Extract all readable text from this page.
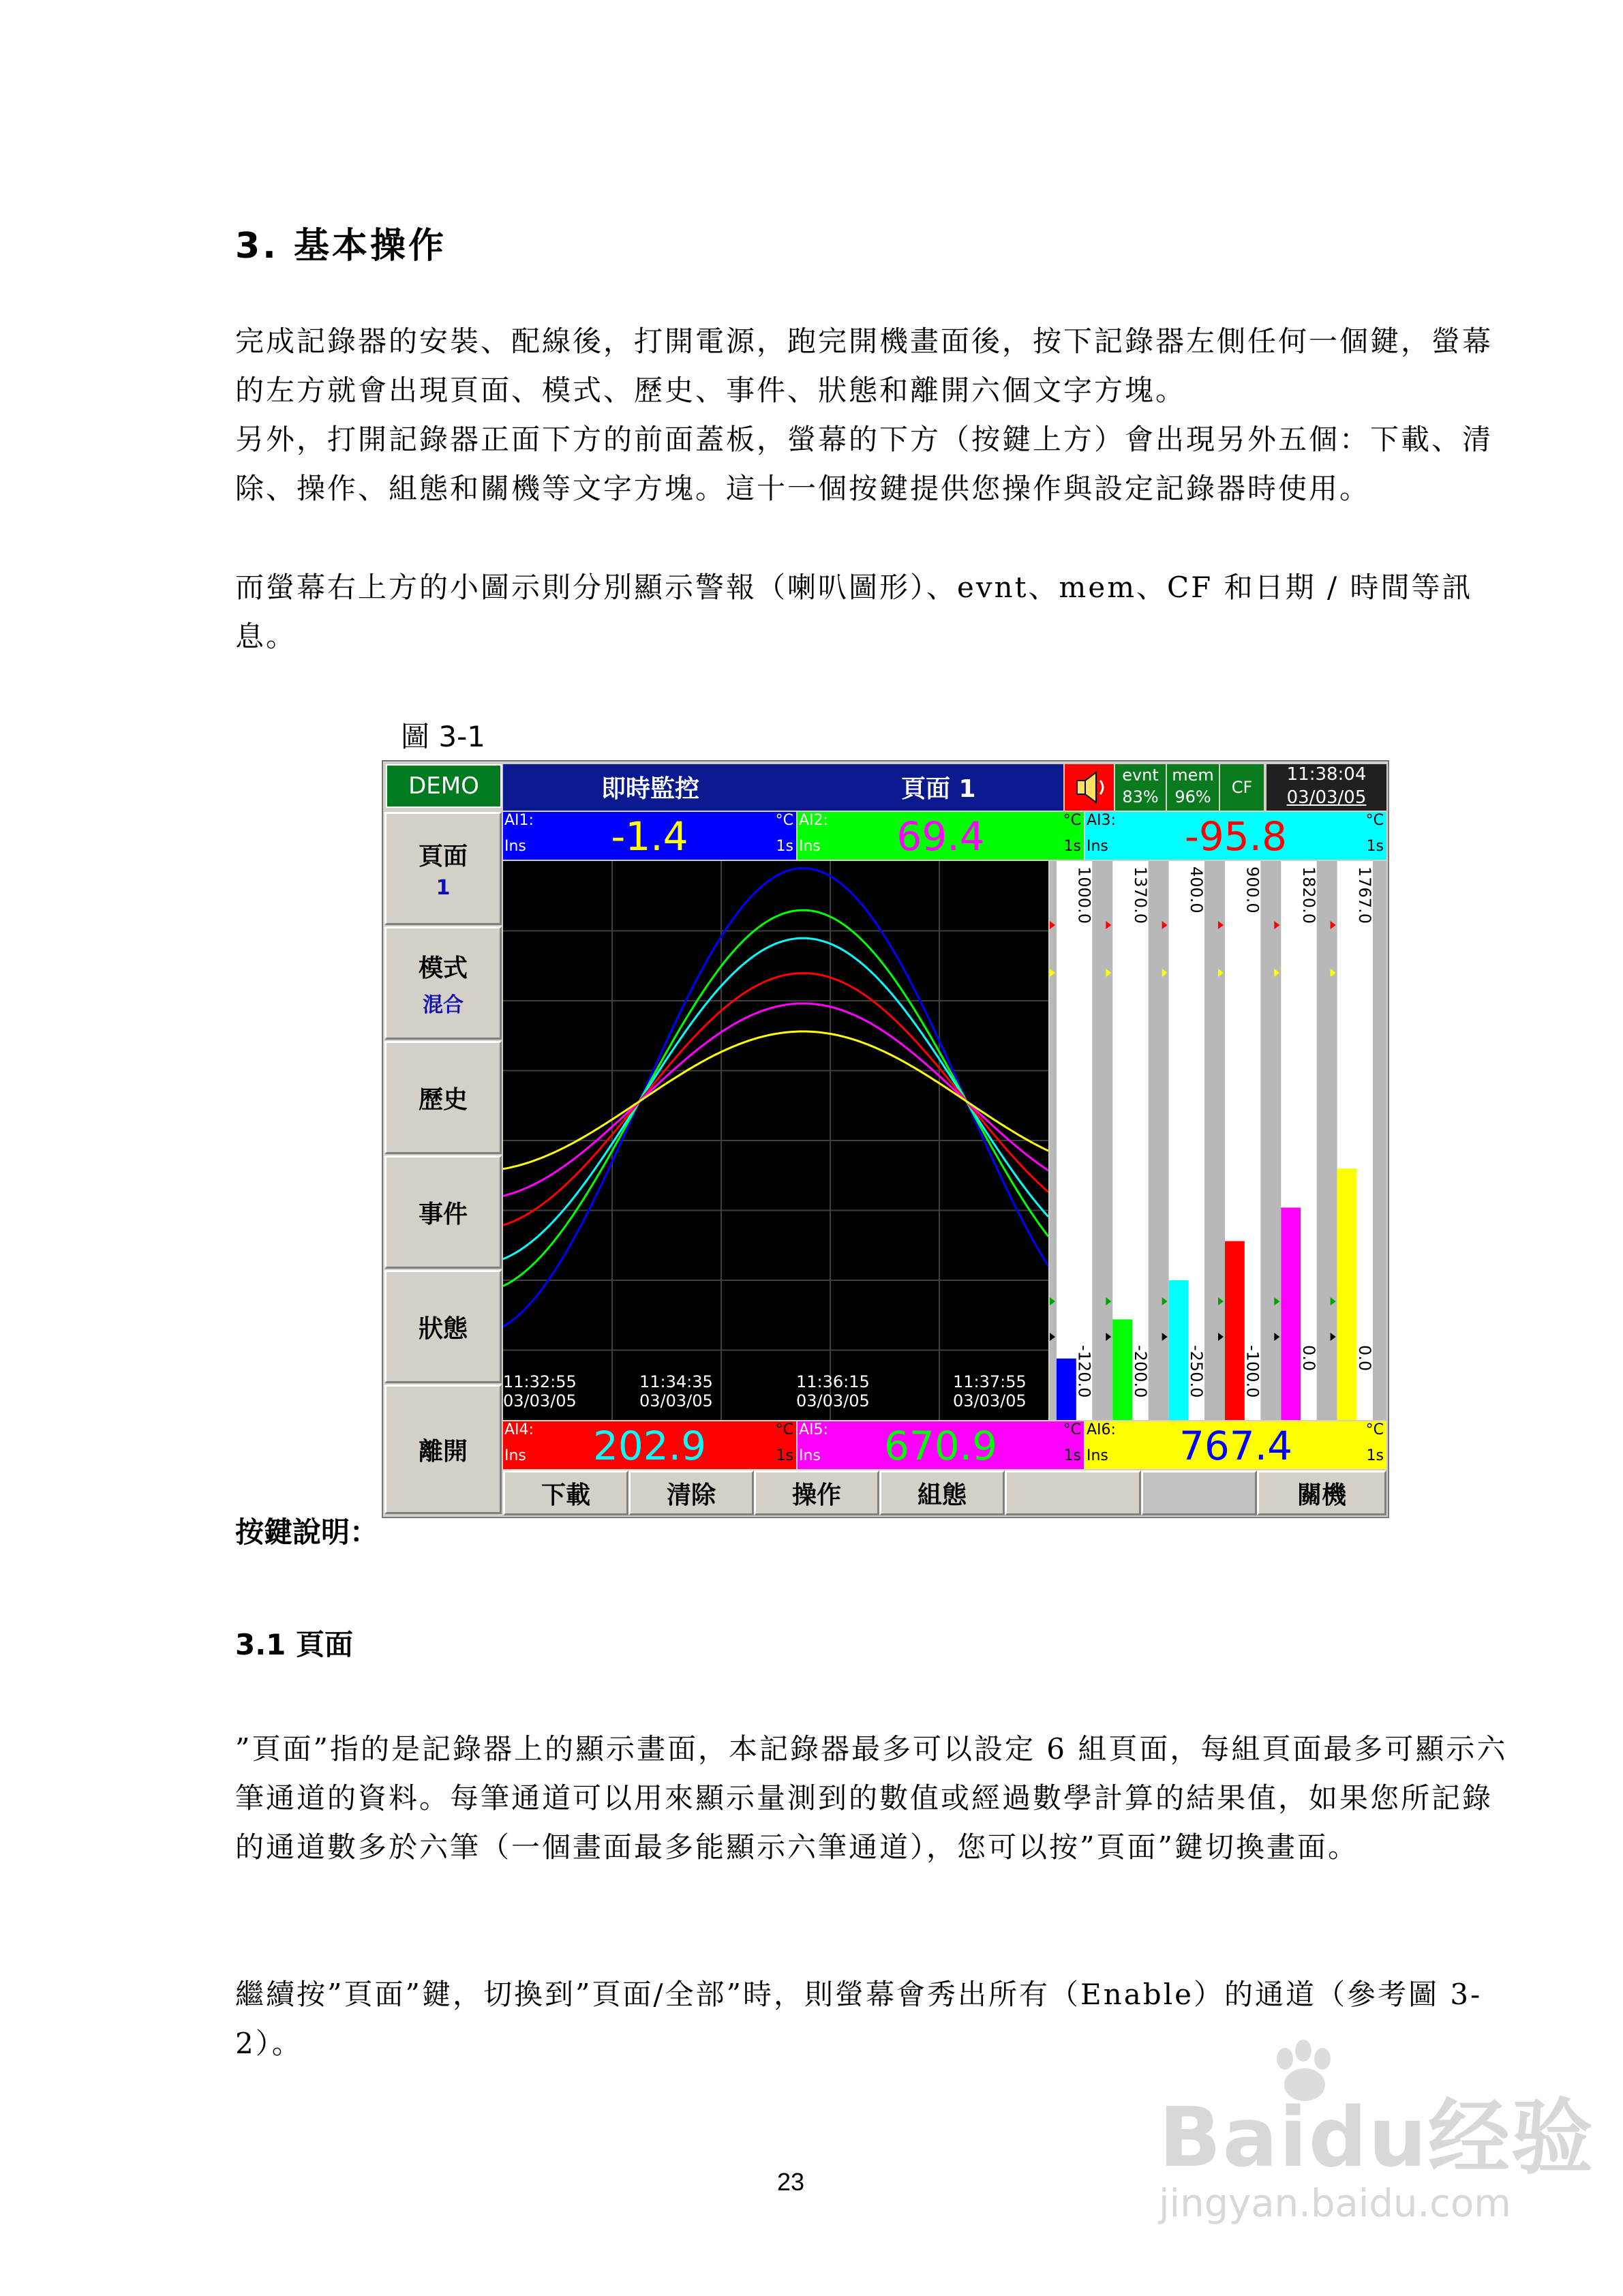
3. 基本操作
完成記錄器的安裝、配線後，打開電源，跑完開機畫面後，按下記錄器左側任何一個鍵，螢幕的左方就會出現頁面、模式、歷史、事件、狀態和離開六個文字方塊。
另外，打開記錄器正面下方的前面蓋板，螢幕的下方（按鍵上方）會出現另外五個：下載、清除、操作、組態和關機等文字方塊。這十一個按鍵提供您操作與設定記錄器時使用。
而螢幕右上方的小圖示則分別顯示警報（喇叭圖形）、evnt、mem、CF 和日期 / 時間等訊息。
圖 3-1
DEMO	即時監控	頁面 1	evnt
83%
mem
96%	CF
11:38:04
03/03/05
頁面
1
模式
混合
歷史
事件
狀態
離開
AI1:
Ins	-1.4	°C
1s
AI2:
Ins	69.4	°C
1s
AI3:
Ins	-95.8	°C
1s
11:32:55
03/03/05
11:34:35
03/03/05
11:36:15
03/03/05
11:37:55
03/03/05
1000.0
-120.0
1370.0
-200.0
400.0
-250.0
900.0
-100.0
1820.0
0.0
1767.0
0.0
AI4:
Ins	202.9	°C
1s
AI5:
Ins	670.9	°C
1s
AI6:
Ins	767.4	°C
1s
下載	清除	操作	組態	關機
按鍵說明：
3.1 頁面
”頁面”指的是記錄器上的顯示畫面，本記錄器最多可以設定 6 組頁面，每組頁面最多可顯示六筆通道的資料。每筆通道可以用來顯示量測到的數值或經過數學計算的結果值，如果您所記錄的通道數多於六筆（一個畫面最多能顯示六筆通道），您可以按”頁面”鍵切換畫面。
繼續按”頁面”鍵，切換到”頁面/全部”時，則螢幕會秀出所有（Enable）的通道（參考圖 3-2）。
23	Baidu经验
jingyan.baidu.com
